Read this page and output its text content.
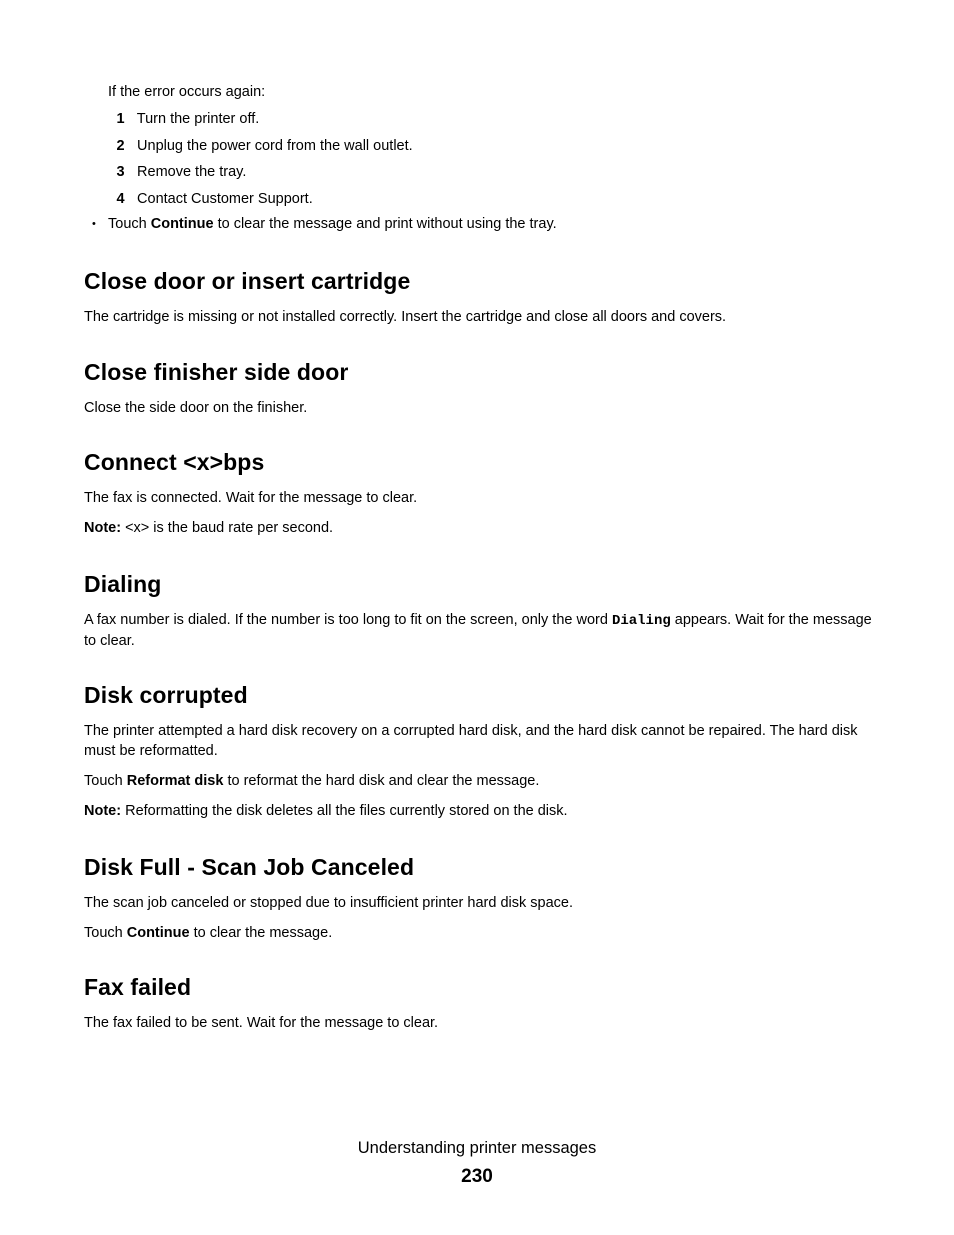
If the error occurs again:
1 Turn the printer off.
2 Unplug the power cord from the wall outlet.
3 Remove the tray.
4 Contact Customer Support.
• Touch Continue to clear the message and print without using the tray.
Close door or insert cartridge

The cartridge is missing or not installed correctly. Insert the cartridge and close all doors and covers.

Close finisher side door

Close the side door on the finisher.

Connect <x>bps

The fax is connected. Wait for the message to clear.

Note: <x> is the baud rate per second.

Dialing

A fax number is dialed. If the number is too long to fit on the screen, only the word Dialing appears. Wait for the message to clear.

Disk corrupted

The printer attempted a hard disk recovery on a corrupted hard disk, and the hard disk cannot be repaired. The hard disk must be reformatted.

Touch Reformat disk to reformat the hard disk and clear the message.

Note: Reformatting the disk deletes all the files currently stored on the disk.

Disk Full - Scan Job Canceled

The scan job canceled or stopped due to insufficient printer hard disk space.

Touch Continue to clear the message.

Fax failed

The fax failed to be sent. Wait for the message to clear.

Understanding printer messages
230
